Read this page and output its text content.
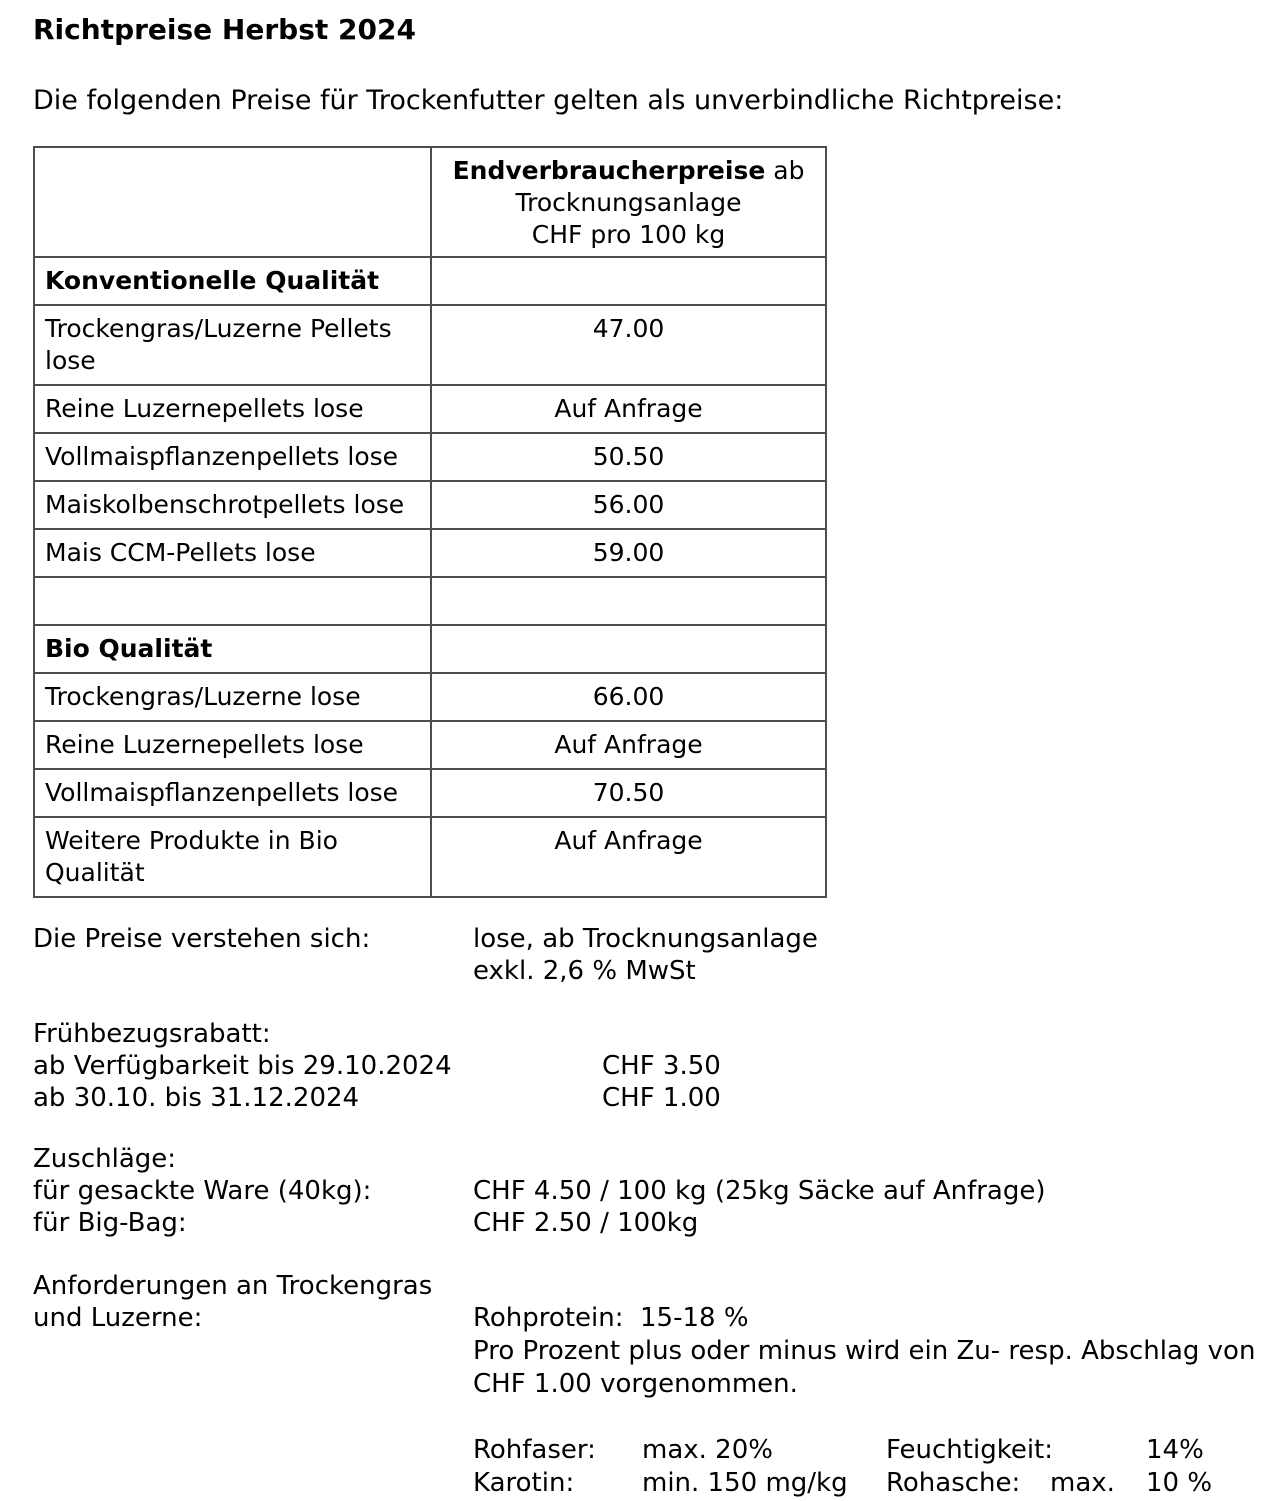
Richtpreise Herbst 2024
Die folgenden Preise für Trockenfutter gelten als unverbindliche Richtpreise:

	Endverbraucherpreise ab
Trocknungsanlage
CHF pro 100 kg

Konventionelle Qualität	
Trockengras/Luzerne Pellets lose	47.00
Reine Luzernepellets lose	Auf Anfrage
Vollmaispflanzenpellets lose	50.50
Maiskolbenschrotpellets lose	56.00
Mais CCM-Pellets lose	59.00

Bio Qualität	
Trockengras/Luzerne lose	66.00
Reine Luzernepellets lose	Auf Anfrage
Vollmaispflanzenpellets lose	70.50
Weitere Produkte in Bio Qualität	Auf Anfrage
Die Preise verstehen sich:	lose, ab Trocknungsanlage
exkl. 2,6 % MwSt
Frühbezugsrabatt:
ab Verfügbarkeit bis 29.10.2024	CHF 3.50
ab 30.10. bis 31.12.2024	CHF 1.00
Zuschläge:
für gesackte Ware (40kg):	CHF 4.50 / 100 kg (25kg Säcke auf Anfrage)
für Big-Bag:	CHF 2.50 / 100kg
Anforderungen an Trockengras
und Luzerne:	Rohprotein: 15-18 %
Pro Prozent plus oder minus wird ein Zu- resp. Abschlag von
CHF 1.00 vorgenommen.
Rohfaser: max. 20%	Feuchtigkeit:	14%
Karotin:	min. 150 mg/kg Rohasche: max. 10 %
